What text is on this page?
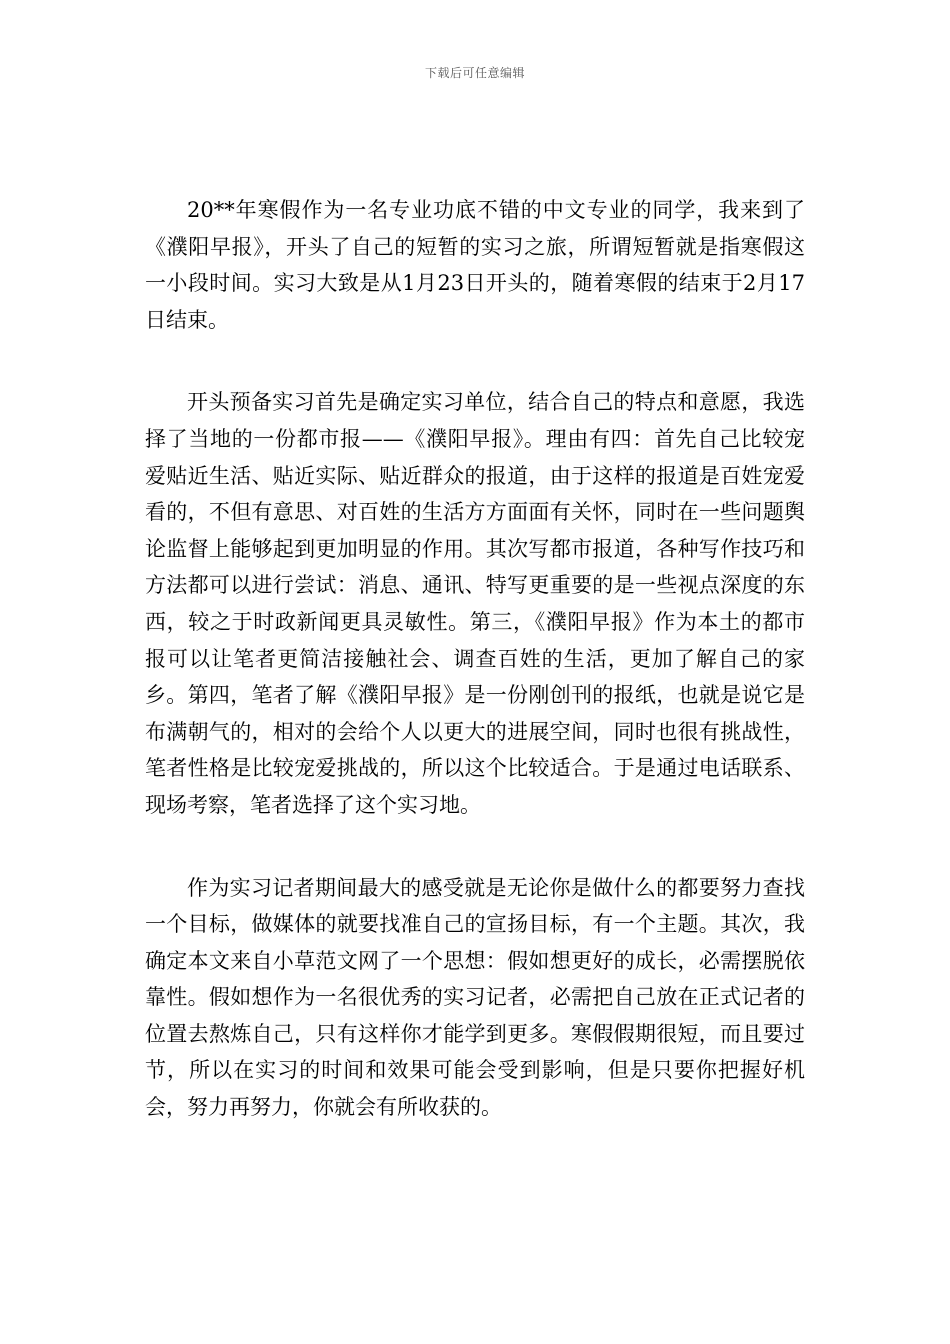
下载后可任意编辑

20**年寒假作为一名专业功底不错的中文专业的同学，我来到了《濮阳早报》，开头了自己的短暂的实习之旅，所谓短暂就是指寒假这一小段时间。实习大致是从1月23日开头的，随着寒假的结束于2月17日结束。

开头预备实习首先是确定实习单位，结合自己的特点和意愿，我选择了当地的一份都市报——《濮阳早报》。理由有四：首先自己比较宠爱贴近生活、贴近实际、贴近群众的报道，由于这样的报道是百姓宠爱看的，不但有意思、对百姓的生活方方面面有关怀，同时在一些问题舆论监督上能够起到更加明显的作用。其次写都市报道，各种写作技巧和方法都可以进行尝试：消息、通讯、特写更重要的是一些视点深度的东西，较之于时政新闻更具灵敏性。第三，《濮阳早报》作为本土的都市报可以让笔者更简洁接触社会、调查百姓的生活，更加了解自己的家乡。第四，笔者了解《濮阳早报》是一份刚创刊的报纸，也就是说它是布满朝气的，相对的会给个人以更大的进展空间，同时也很有挑战性，笔者性格是比较宠爱挑战的，所以这个比较适合。于是通过电话联系、现场考察，笔者选择了这个实习地。

作为实习记者期间最大的感受就是无论你是做什么的都要努力查找一个目标，做媒体的就要找准自己的宣扬目标，有一个主题。其次，我确定本文来自小草范文网了一个思想：假如想更好的成长，必需摆脱依靠性。假如想作为一名很优秀的实习记者，必需把自己放在正式记者的位置去熬炼自己，只有这样你才能学到更多。寒假假期很短，而且要过节，所以在实习的时间和效果可能会受到影响，但是只要你把握好机会，努力再努力，你就会有所收获的。
